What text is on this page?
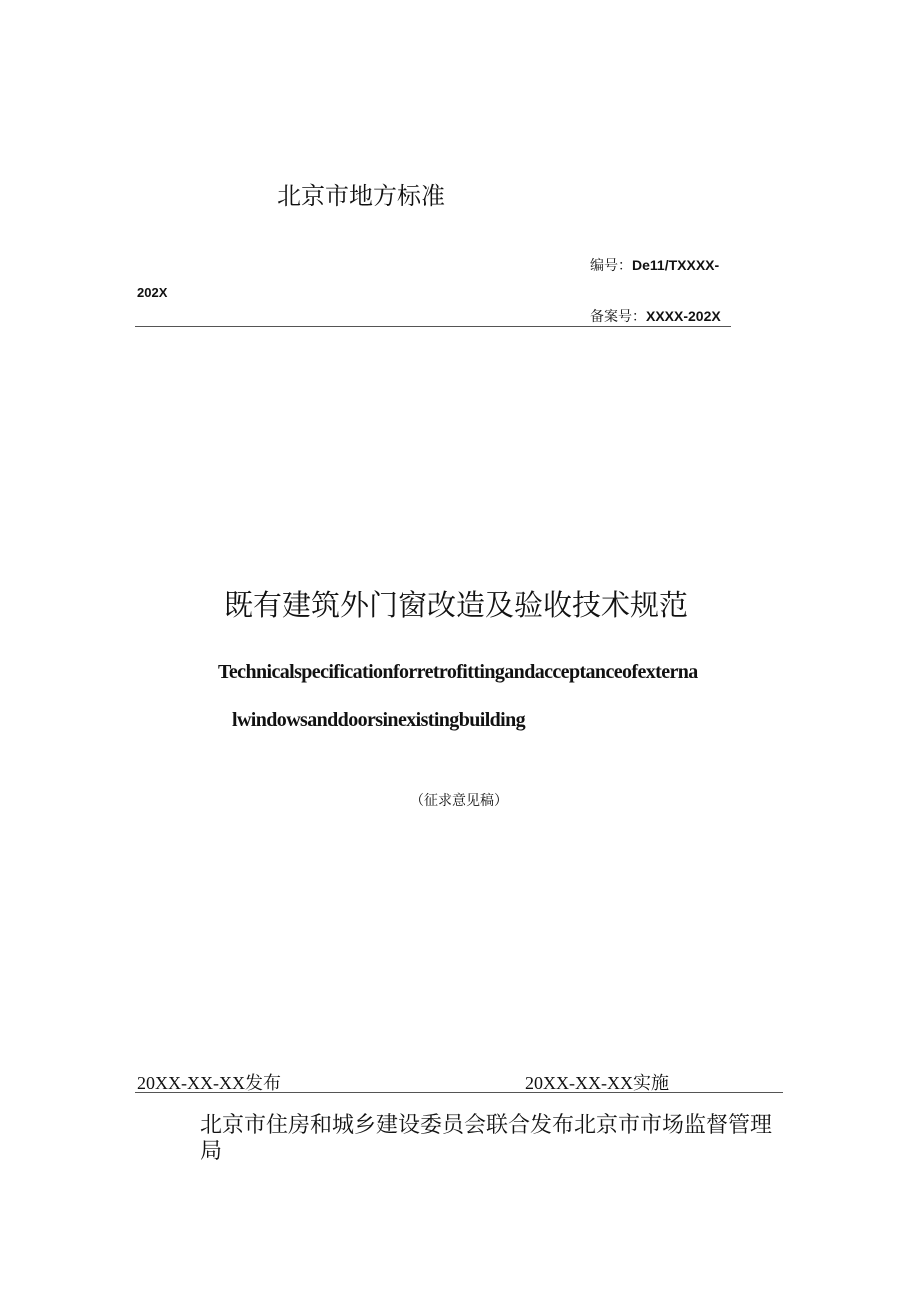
北京市地方标准
编号：De11/TXXXX-
202X
备案号：XXXX-202X
既有建筑外门窗改造及验收技术规范
Technicalspecificationforretrofittingandacceptanceofexterna
lwindowsanddoorsinexistingbuilding
（征求意见稿）
20XX-XX-XX发布	20XX-XX-XX实施
北京市住房和城乡建设委员会联合发布北京市市场监督管理局
